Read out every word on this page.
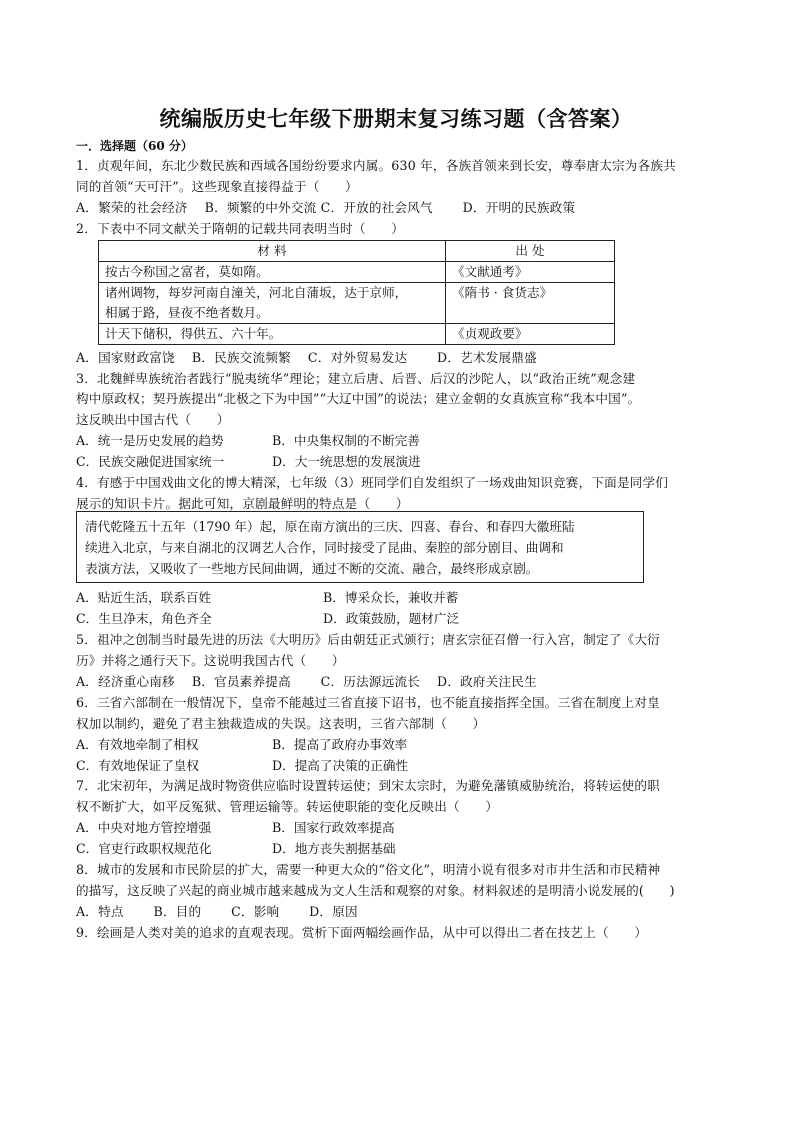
统编版历史七年级下册期末复习练习题（含答案）
一．选择题（60 分）
1．贞观年间，东北少数民族和西域各国纷纷要求内属。630 年，各族首领来到长安，尊奉唐太宗为各族共
同的首领“天可汗”。这些现象直接得益于（　　）
A．繁荣的社会经济　 B．频繁的中外交流 C．开放的社会风气　　 D．开明的民族政策
2．下表中不同文献关于隋朝的记载共同表明当时（　　）
材 料	出 处
按古今称国之富者，莫如隋。	《文献通考》

诸州调物，每岁河南自潼关，河北自蒲坂，达于京师，
相属于路，昼夜不绝者数月。	《隋书 · 食货志》
计天下储积，得供五、六十年。	《贞观政要》
A．国家财政富饶　 B．民族交流频繁　 C．对外贸易发达　　 D．艺术发展鼎盛
3．北魏鲜卑族统治者践行“脱夷统华”理论；建立后唐、后晋、后汉的沙陀人，以“政治正统”观念建
构中原政权；契丹族提出“北极之下为中国”“大辽中国”的说法；建立金朝的女真族宣称“我本中国”。
这反映出中国古代（　　）
A．统一是历史发展的趋势	B．中央集权制的不断完善
C．民族交融促进国家统一	D．大一统思想的发展演进
4．有感于中国戏曲文化的博大精深，七年级（3）班同学们自发组织了一场戏曲知识竞赛，下面是同学们
展示的知识卡片。据此可知，京剧最鲜明的特点是（　　）
清代乾隆五十五年（1790 年）起，原在南方演出的三庆、四喜、春台、和春四大徽班陆
续进入北京，与来自湖北的汉调艺人合作，同时接受了昆曲、秦腔的部分剧目、曲调和
表演方法，又吸收了一些地方民间曲调，通过不断的交流、融合，最终形成京剧。
A．贴近生活，联系百姓	B．博采众长，兼收并蓄
C．生旦净末，角色齐全	D．政策鼓励，题材广泛
5．祖冲之创制当时最先进的历法《大明历》后由朝廷正式颁行；唐玄宗征召僧一行入宫，制定了《大衍
历》并将之通行天下。这说明我国古代（　　）
A．经济重心南移　 B．官员素养提高　　 C．历法源远流长　 D．政府关注民生
6．三省六部制在一般情况下，皇帝不能越过三省直接下诏书，也不能直接指挥全国。三省在制度上对皇
权加以制约，避免了君主独裁造成的失误。这表明，三省六部制（　　）
A．有效地牵制了相权	B．提高了政府办事效率
C．有效地保证了皇权	D．提高了决策的正确性
7．北宋初年，为满足战时物资供应临时设置转运使；到宋太宗时，为避免藩镇威胁统治，将转运使的职
权不断扩大，如平反冤狱、管理运输等。转运使职能的变化反映出（　　）
A．中央对地方管控增强	B．国家行政效率提高
C．官吏行政职权规范化	D．地方丧失割据基础
8．城市的发展和市民阶层的扩大，需要一种更大众的“俗文化”，明清小说有很多对市井生活和市民精神
的描写，这反映了兴起的商业城市越来越成为文人生活和观察的对象。材料叙述的是明清小说发展的(　　)
A．特点　　 B．目的　　 C．影响　　 D．原因
9．绘画是人类对美的追求的直观表现。赏析下面两幅绘画作品，从中可以得出二者在技艺上（　　）
